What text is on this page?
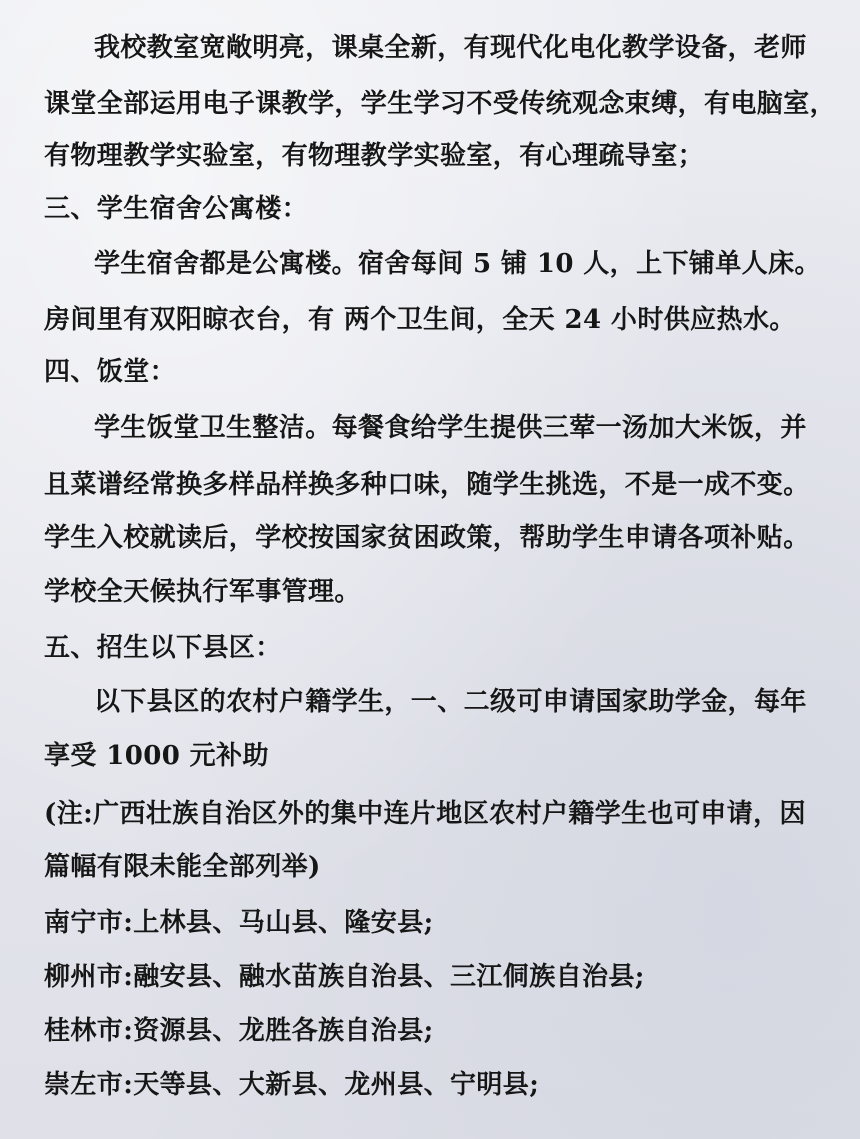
我校教室宽敞明亮，课桌全新，有现代化电化教学设备，老师
课堂全部运用电子课教学，学生学习不受传统观念束缚，有电脑室，
有物理教学实验室，有物理教学实验室，有心理疏导室；
三、学生宿舍公寓楼：
学生宿舍都是公寓楼。宿舍每间 5 铺 10 人，上下铺单人床。
房间里有双阳晾衣台，有 两个卫生间，全天 24 小时供应热水。
四、饭堂：
学生饭堂卫生整洁。每餐食给学生提供三荤一汤加大米饭，并
且菜谱经常换多样品样换多种口味，随学生挑选，不是一成不变。
学生入校就读后，学校按国家贫困政策，帮助学生申请各项补贴。
学校全天候执行军事管理。
五、招生以下县区：
以下县区的农村户籍学生，一、二级可申请国家助学金，每年
享受 1000 元补助
(注:广西壮族自治区外的集中连片地区农村户籍学生也可申请，因
篇幅有限未能全部列举)
南宁市:上林县、马山县、隆安县;
柳州市:融安县、融水苗族自治县、三江侗族自治县;
桂林市:资源县、龙胜各族自治县;
崇左市:天等县、大新县、龙州县、宁明县;
